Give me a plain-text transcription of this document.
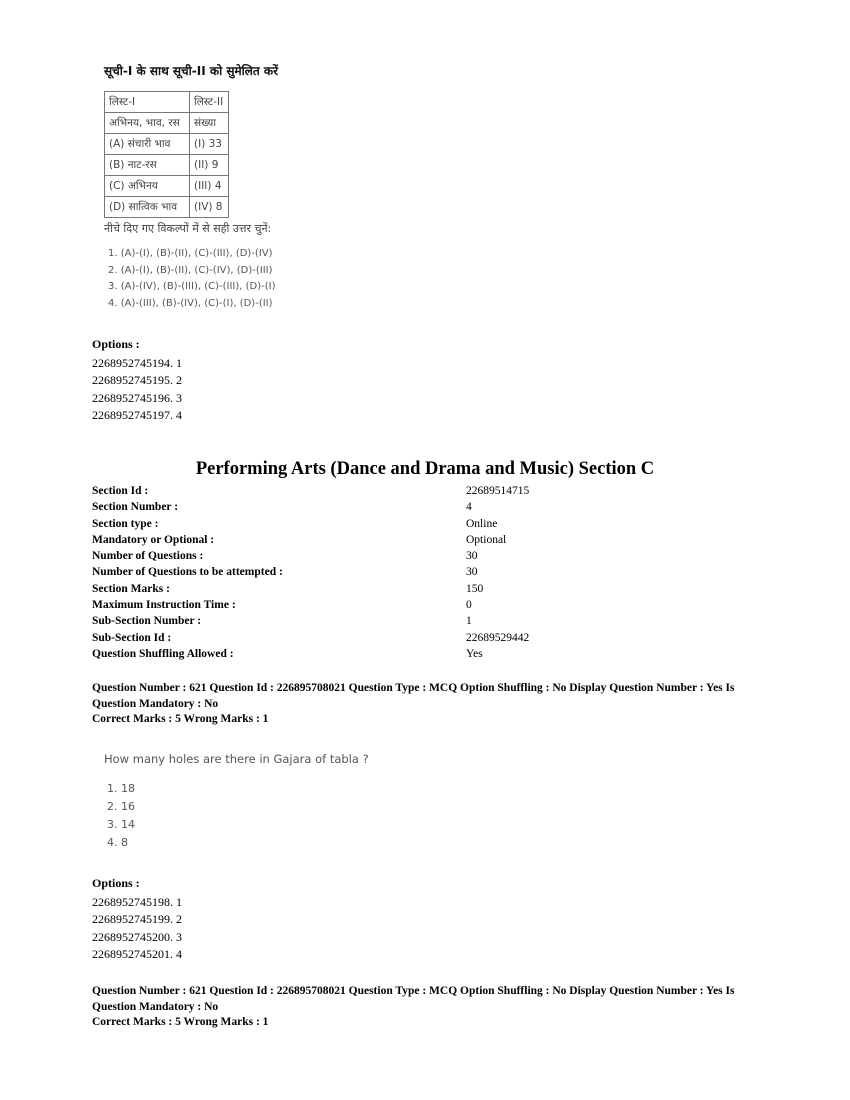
सूची-I के साथ सूची-II को सुमेलित करें
लिस्ट-I	लिस्ट-II
अभिनय, भाव, रस	संख्या
(A) संचारी भाव	(I) 33
(B) नाट-रस	(II) 9
(C) अभिनय	(III) 4
(D) सात्विक भाव	(IV) 8
नीचे दिए गए विकल्पों में से सही उत्तर चुनें:
1. (A)-(I), (B)-(II), (C)-(III), (D)-(IV)
2. (A)-(I), (B)-(II), (C)-(IV), (D)-(III)
3. (A)-(IV), (B)-(III), (C)-(III), (D)-(I)
4. (A)-(III), (B)-(IV), (C)-(I), (D)-(II)
Options :
2268952745194. 1
2268952745195. 2
2268952745196. 3
2268952745197. 4
Performing Arts (Dance and Drama and Music) Section C
Section Id :	22689514715
Section Number :	4
Section type :	Online
Mandatory or Optional :	Optional
Number of Questions :	30
Number of Questions to be attempted :	30
Section Marks :	150
Maximum Instruction Time :	0
Sub-Section Number :	1
Sub-Section Id :	22689529442
Question Shuffling Allowed :	Yes
Question Number : 621 Question Id : 226895708021 Question Type : MCQ Option Shuffling : No Display Question Number : Yes Is
Question Mandatory : No
Correct Marks : 5 Wrong Marks : 1
How many holes are there in Gajara of tabla ?
1. 18
2. 16
3. 14
4. 8
Options :
2268952745198. 1
2268952745199. 2
2268952745200. 3
2268952745201. 4
Question Number : 621 Question Id : 226895708021 Question Type : MCQ Option Shuffling : No Display Question Number : Yes Is
Question Mandatory : No
Correct Marks : 5 Wrong Marks : 1
